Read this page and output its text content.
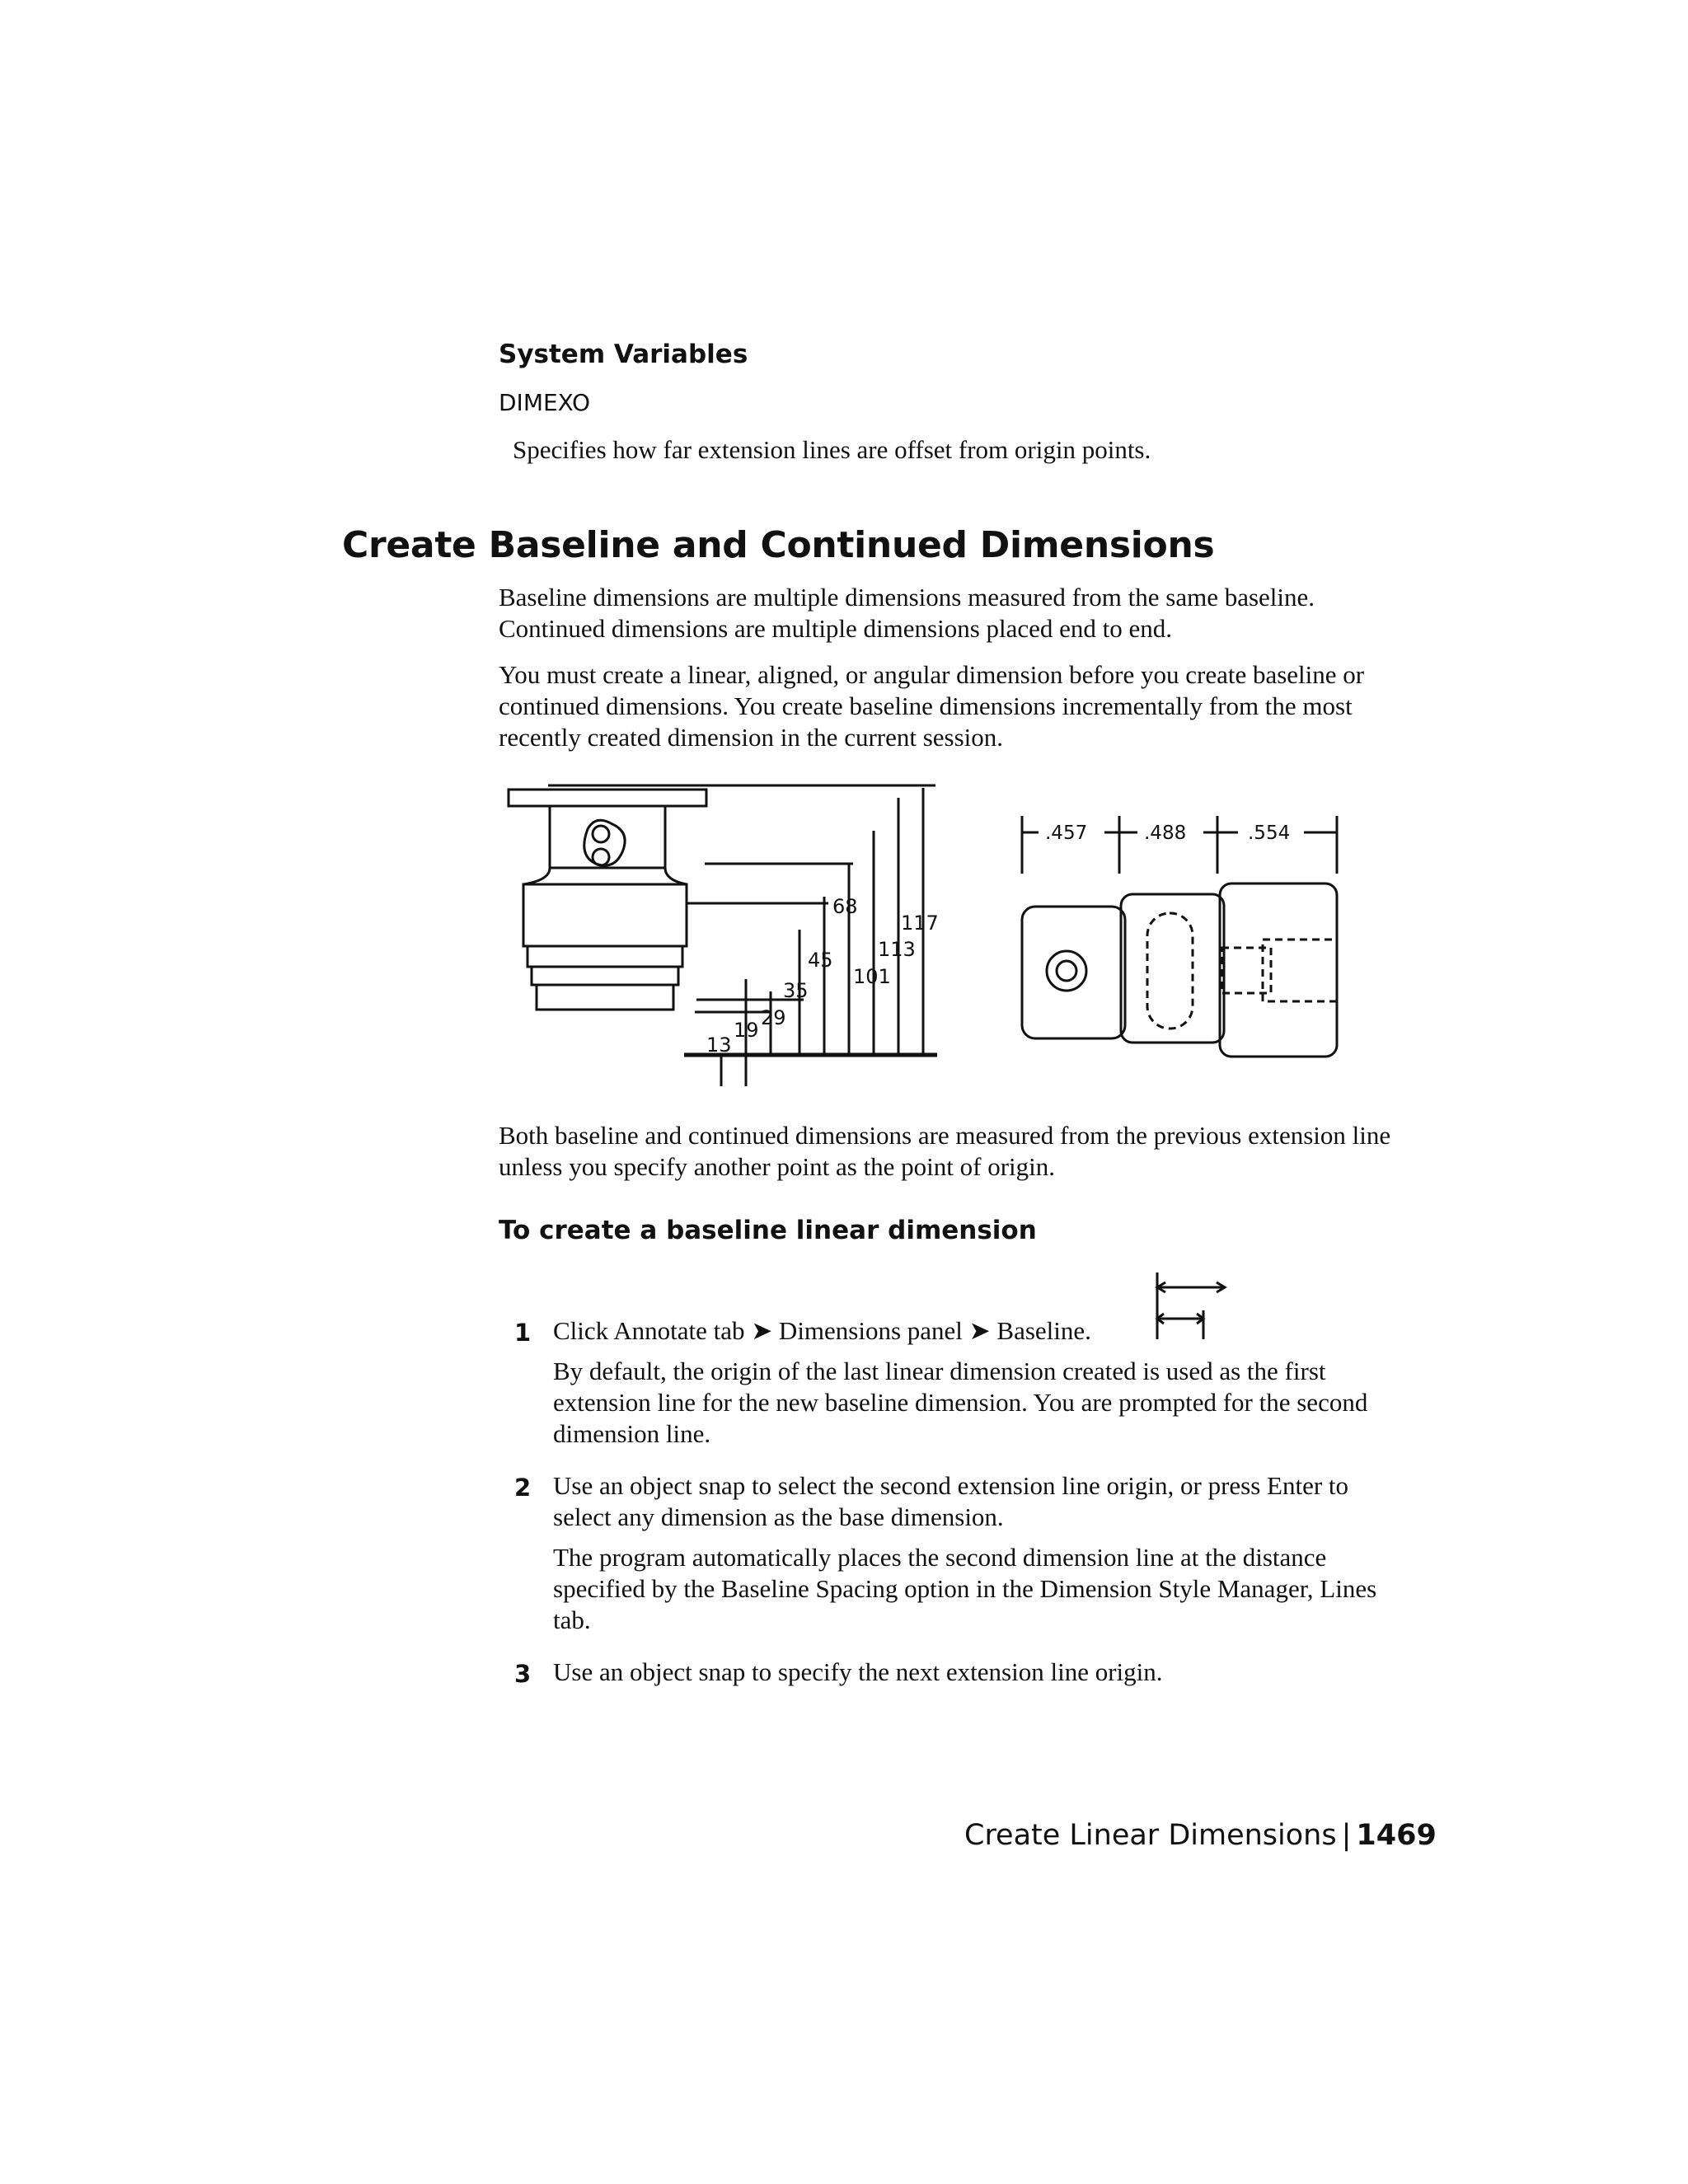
System Variables
DIMEXO
Specifies how far extension lines are offset from origin points.
Create Baseline and Continued Dimensions
Baseline dimensions are multiple dimensions measured from the same baseline. Continued dimensions are multiple dimensions placed end to end.
You must create a linear, aligned, or angular dimension before you create baseline or continued dimensions. You create baseline dimensions incrementally from the most recently created dimension in the current session.
13
19
29
35
45
68
101
113
117
.457	.488	.554
Both baseline and continued dimensions are measured from the previous extension line unless you specify another point as the point of origin.
To create a baseline linear dimension
1 Click Annotate tab ➤ Dimensions panel ➤ Baseline.
By default, the origin of the last linear dimension created is used as the first extension line for the new baseline dimension. You are prompted for the second dimension line.
2 Use an object snap to select the second extension line origin, or press Enter to select any dimension as the base dimension.
The program automatically places the second dimension line at the distance specified by the Baseline Spacing option in the Dimension Style Manager, Lines tab.
3 Use an object snap to specify the next extension line origin.
Create Linear Dimensions | 1469
